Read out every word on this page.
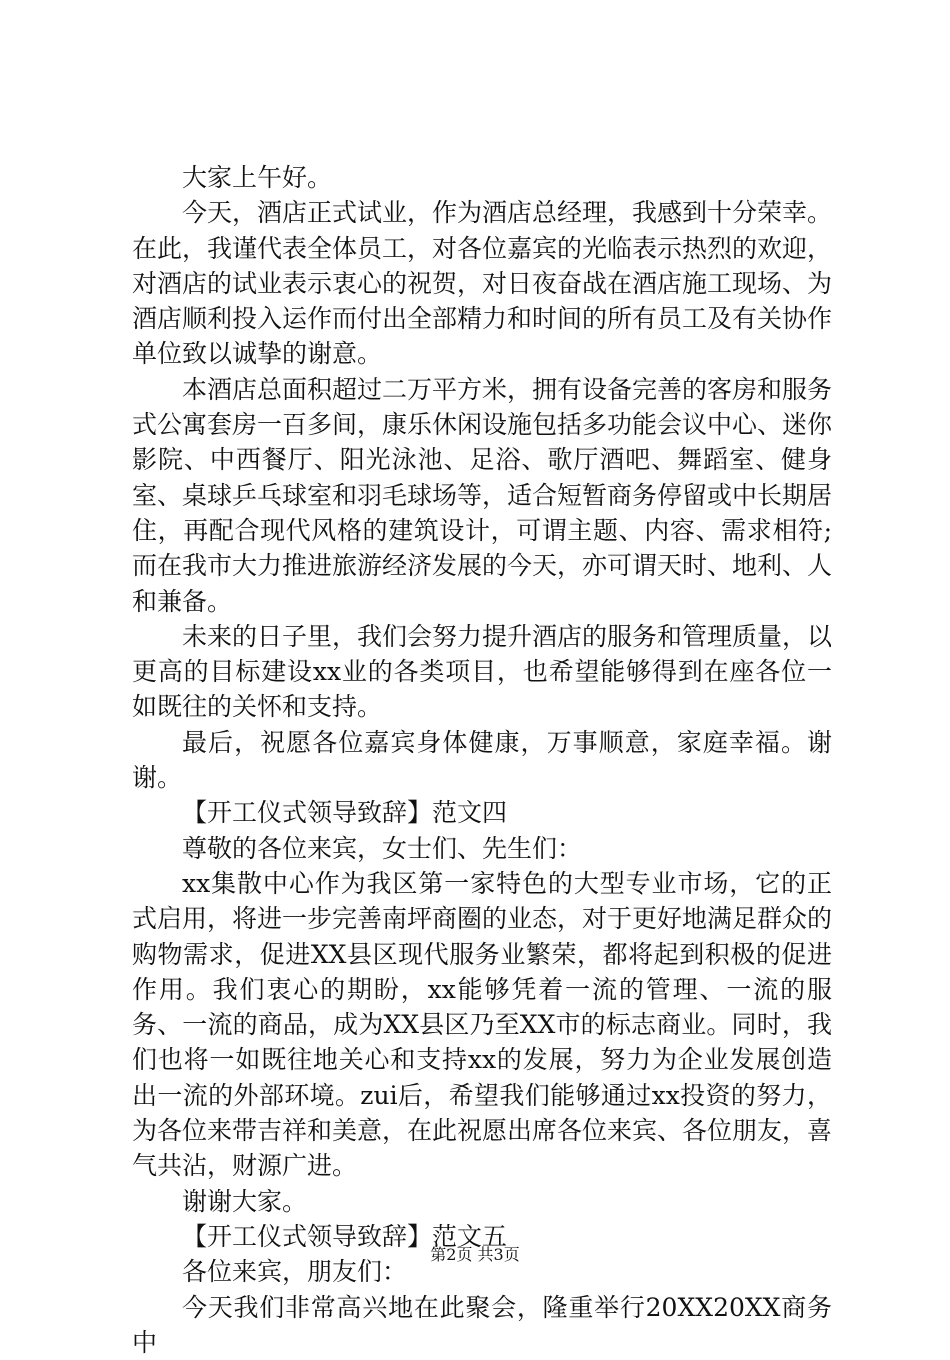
大家上午好。

今天，酒店正式试业，作为酒店总经理，我感到十分荣幸。在此，我谨代表全体员工，对各位嘉宾的光临表示热烈的欢迎，对酒店的试业表示衷心的祝贺，对日夜奋战在酒店施工现场、为酒店顺利投入运作而付出全部精力和时间的所有员工及有关协作单位致以诚挚的谢意。

本酒店总面积超过二万平方米，拥有设备完善的客房和服务式公寓套房一百多间，康乐休闲设施包括多功能会议中心、迷你影院、中西餐厅、阳光泳池、足浴、歌厅酒吧、舞蹈室、健身室、桌球乒乓球室和羽毛球场等，适合短暂商务停留或中长期居住，再配合现代风格的建筑设计，可谓主题、内容、需求相符;而在我市大力推进旅游经济发展的今天，亦可谓天时、地利、人和兼备。

未来的日子里，我们会努力提升酒店的服务和管理质量，以更高的目标建设xx业的各类项目，也希望能够得到在座各位一如既往的关怀和支持。

最后，祝愿各位嘉宾身体健康，万事顺意，家庭幸福。谢谢。

【开工仪式领导致辞】范文四

尊敬的各位来宾，女士们、先生们：

xx集散中心作为我区第一家特色的大型专业市场，它的正式启用，将进一步完善南坪商圈的业态，对于更好地满足群众的购物需求，促进XX县区现代服务业繁荣，都将起到积极的促进作用。我们衷心的期盼，xx能够凭着一流的管理、一流的服务、一流的商品，成为XX县区乃至XX市的标志商业。同时，我们也将一如既往地关心和支持xx的发展，努力为企业发展创造出一流的外部环境。zui后，希望我们能够通过xx投资的努力，为各位来带吉祥和美意，在此祝愿出席各位来宾、各位朋友，喜气共沾，财源广进。

谢谢大家。

【开工仪式领导致辞】范文五

各位来宾，朋友们：

今天我们非常高兴地在此聚会，隆重举行20XX20XX商务中

第2页 共3页
